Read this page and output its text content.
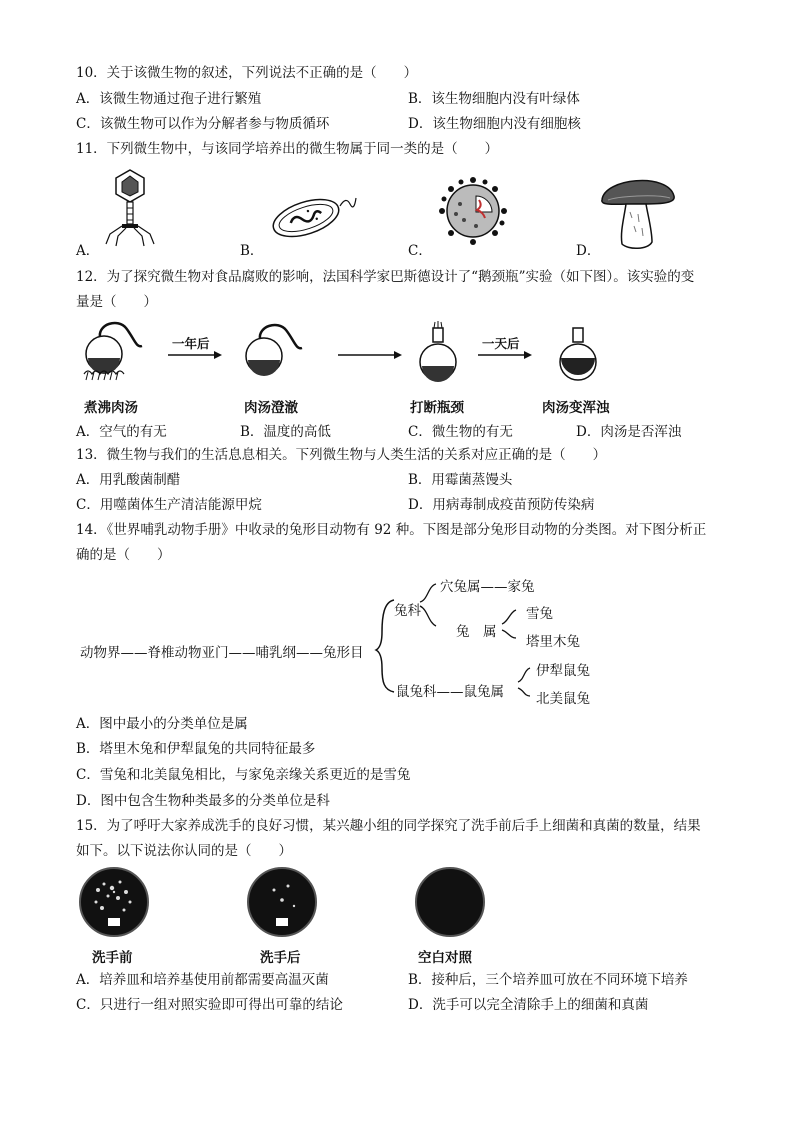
10．关于该微生物的叙述，下列说法不正确的是（　　）
A．该微生物通过孢子进行繁殖	B．该生物细胞内没有叶绿体
C．该微生物可以作为分解者参与物质循环	D．该生物细胞内没有细胞核
11．下列微生物中，与该同学培养出的微生物属于同一类的是（　　）
A．	B．	C．	D．
12．为了探究微生物对食品腐败的影响，法国科学家巴斯德设计了“鹅颈瓶”实验（如下图）。该实验的变
量是（　　）
一年后	一天后
煮沸肉汤	肉汤澄澈	打断瓶颈	肉汤变浑浊
A．空气的有无	B．温度的高低	C．微生物的有无	D．肉汤是否浑浊
13．微生物与我们的生活息息相关。下列微生物与人类生活的关系对应正确的是（　　）
A．用乳酸菌制醋	B．用霉菌蒸馒头
C．用噬菌体生产清洁能源甲烷	D．用病毒制成疫苗预防传染病
14．《世界哺乳动物手册》中收录的兔形目动物有 92 种。下图是部分兔形目动物的分类图。对下图分析正
确的是（　　）
动物界——脊椎动物亚门——哺乳纲——兔形目
兔科
穴兔属——家兔
兔　属
雪兔
塔里木兔
鼠兔科——鼠兔属
伊犁鼠兔
北美鼠兔
A．图中最小的分类单位是属
B．塔里木兔和伊犁鼠兔的共同特征最多
C．雪兔和北美鼠兔相比，与家兔亲缘关系更近的是雪兔
D．图中包含生物种类最多的分类单位是科
15．为了呼吁大家养成洗手的良好习惯，某兴趣小组的同学探究了洗手前后手上细菌和真菌的数量，结果
如下。以下说法你认同的是（　　）
洗手前	洗手后	空白对照
A．培养皿和培养基使用前都需要高温灭菌	B．接种后，三个培养皿可放在不同环境下培养
C．只进行一组对照实验即可得出可靠的结论	D．洗手可以完全清除手上的细菌和真菌
